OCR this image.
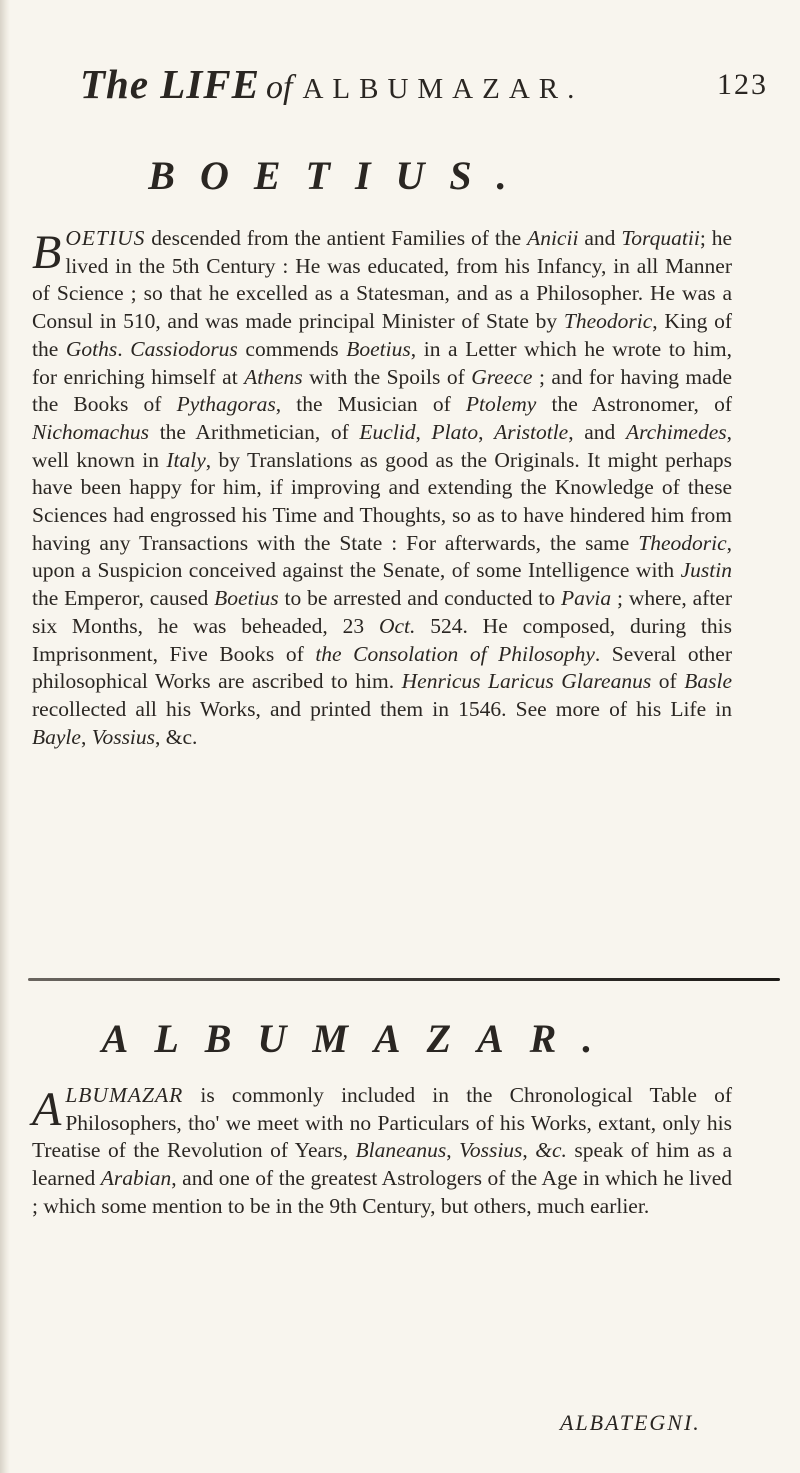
The LIFE of ALBUMAZAR.	123
BOETIUS.

BOETIUS descended from the antient Families of the Anicii and Torquatii; he lived in the 5th Century : He was educated, from his Infancy, in all Manner of Science ; so that he excelled as a Statesman, and as a Philosopher. He was a Consul in 510, and was made principal Minister of State by Theodoric, King of the Goths. Cassiodorus commends Boetius, in a Letter which he wrote to him, for enriching himself at Athens with the Spoils of Greece ; and for having made the Books of Pythagoras, the Musician of Ptolemy the Astronomer, of Nichomachus the Arithmetician, of Euclid, Plato, Aristotle, and Archimedes, well known in Italy, by Translations as good as the Originals. It might perhaps have been happy for him, if improving and extending the Knowledge of these Sciences had engrossed his Time and Thoughts, so as to have hindered him from having any Transactions with the State : For afterwards, the same Theodoric, upon a Suspicion conceived against the Senate, of some Intelligence with Justin the Emperor, caused Boetius to be arrested and conducted to Pavia ; where, after six Months, he was beheaded, 23 Oct. 524. He composed, during this Imprisonment, Five Books of the Consolation of Philosophy. Several other philosophical Works are ascribed to him. Henricus Laricus Glareanus of Basle recollected all his Works, and printed them in 1546. See more of his Life in Bayle, Vossius, &c.

ALBUMAZAR.

ALBUMAZAR is commonly included in the Chronological Table of Philosophers, tho' we meet with no Particulars of his Works, extant, only his Treatise of the Revolution of Years, Blaneanus, Vossius, &c. speak of him as a learned Arabian, and one of the greatest Astrologers of the Age in which he lived ; which some mention to be in the 9th Century, but others, much earlier.

ALBATEGNI.
